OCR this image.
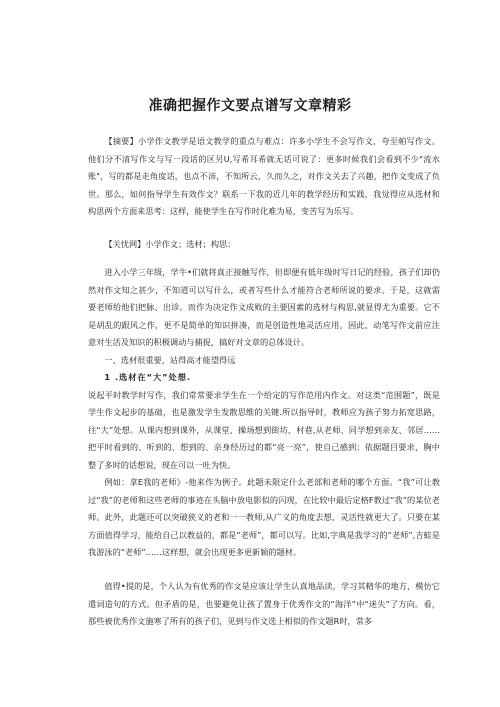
准确把握作文要点谱写文章精彩

【摘要】小学作文教学是语文教学的重点与难点：许多小学生不会写作文，夸至帕写作文。他们分不清写作文与写一段话的区另U,写希耳希就无话可说了：更多时候我们会看到不少"流水账"，写的都是走角度话，也点不沛，不知所云，久而久之，对作文关去了兴趣，把作文变成了负世。那么，如何指导学生有效作文？联系一下我的近几年的教学经历和实践，我觉得应从选材和构思两个方面来思考：这样，能使学生在写作时化难为易，变苦写为乐写。

【关忧网】小学作文；选材；构思：

进入小学三年级，学牛•们就将真正接触写作，但即便有低年级时写日记的经验，孩子们却仍然对作文知之甚少，不知道可以写什么，或者写些什么才能符合老师所说的要求。于是，这就需要老师给他们把脉、出诊。而作为决定作文成败的主要因素的选材与构思,就显得尤为重要。它不是胡乱的跟风之作，更不是简单的知识拼凑，而是创造性地灵活应用。因此，动笔写作文前应注意对生活及知识的积极调动与捕捉，搞好对文章的总体设计。

一、选材很重要，站得高才能望得远

1 .选材在“大”处想.

说起平时教学时写作，我们常常要求学生在一个给定的写作范用内作文。对这类“范围题”，既是学生作文起步的基础，也是激发学生发散思维的关键.所以指导时，教师应为孩子努力拓宽思路，往“大”处想。从课内想到课外，从课堂、操场想到街坊、村巷,从老师、同学想到亲友、邻居……把平时看到的、听到的、想到的、亲身经历过的都“亮一亮”，使自己感到：依据题目要求，胸中整了多时的话想说，现在可以一吐为快。

例如：拿E我的老师》-他来作为例子。此题未限定什么老部和老师的哪个方面。“我”可让教过“我”的老师和这些老师的事迹在头脑中放电影似的闪现，在比较中最后定格F教过“我”的某位老师。此外，此题还可以突破狭义的老和一一教师,从广义的角度去想，灵活性就更大了。只要在某方面值得学习，能给自己以教益的，都是“老师”，都可以写。比如,字典是我学习的“老师”,吉蛙是我游泳的“老师”……这样想，就会出现更多更新颖的题材。

值得•提的是，个人认为有优秀的作文是应该让学生认真地品读，学习其精华的地方，模仿它遣词造句的方式。但矛盾的是，也要避免让孩了置身于优秀作文的“海洋”中“迷失”了方向。看，那些被优秀作文施寒了所有的孩子们，见到与作文选上相似的作文题R时，常多
